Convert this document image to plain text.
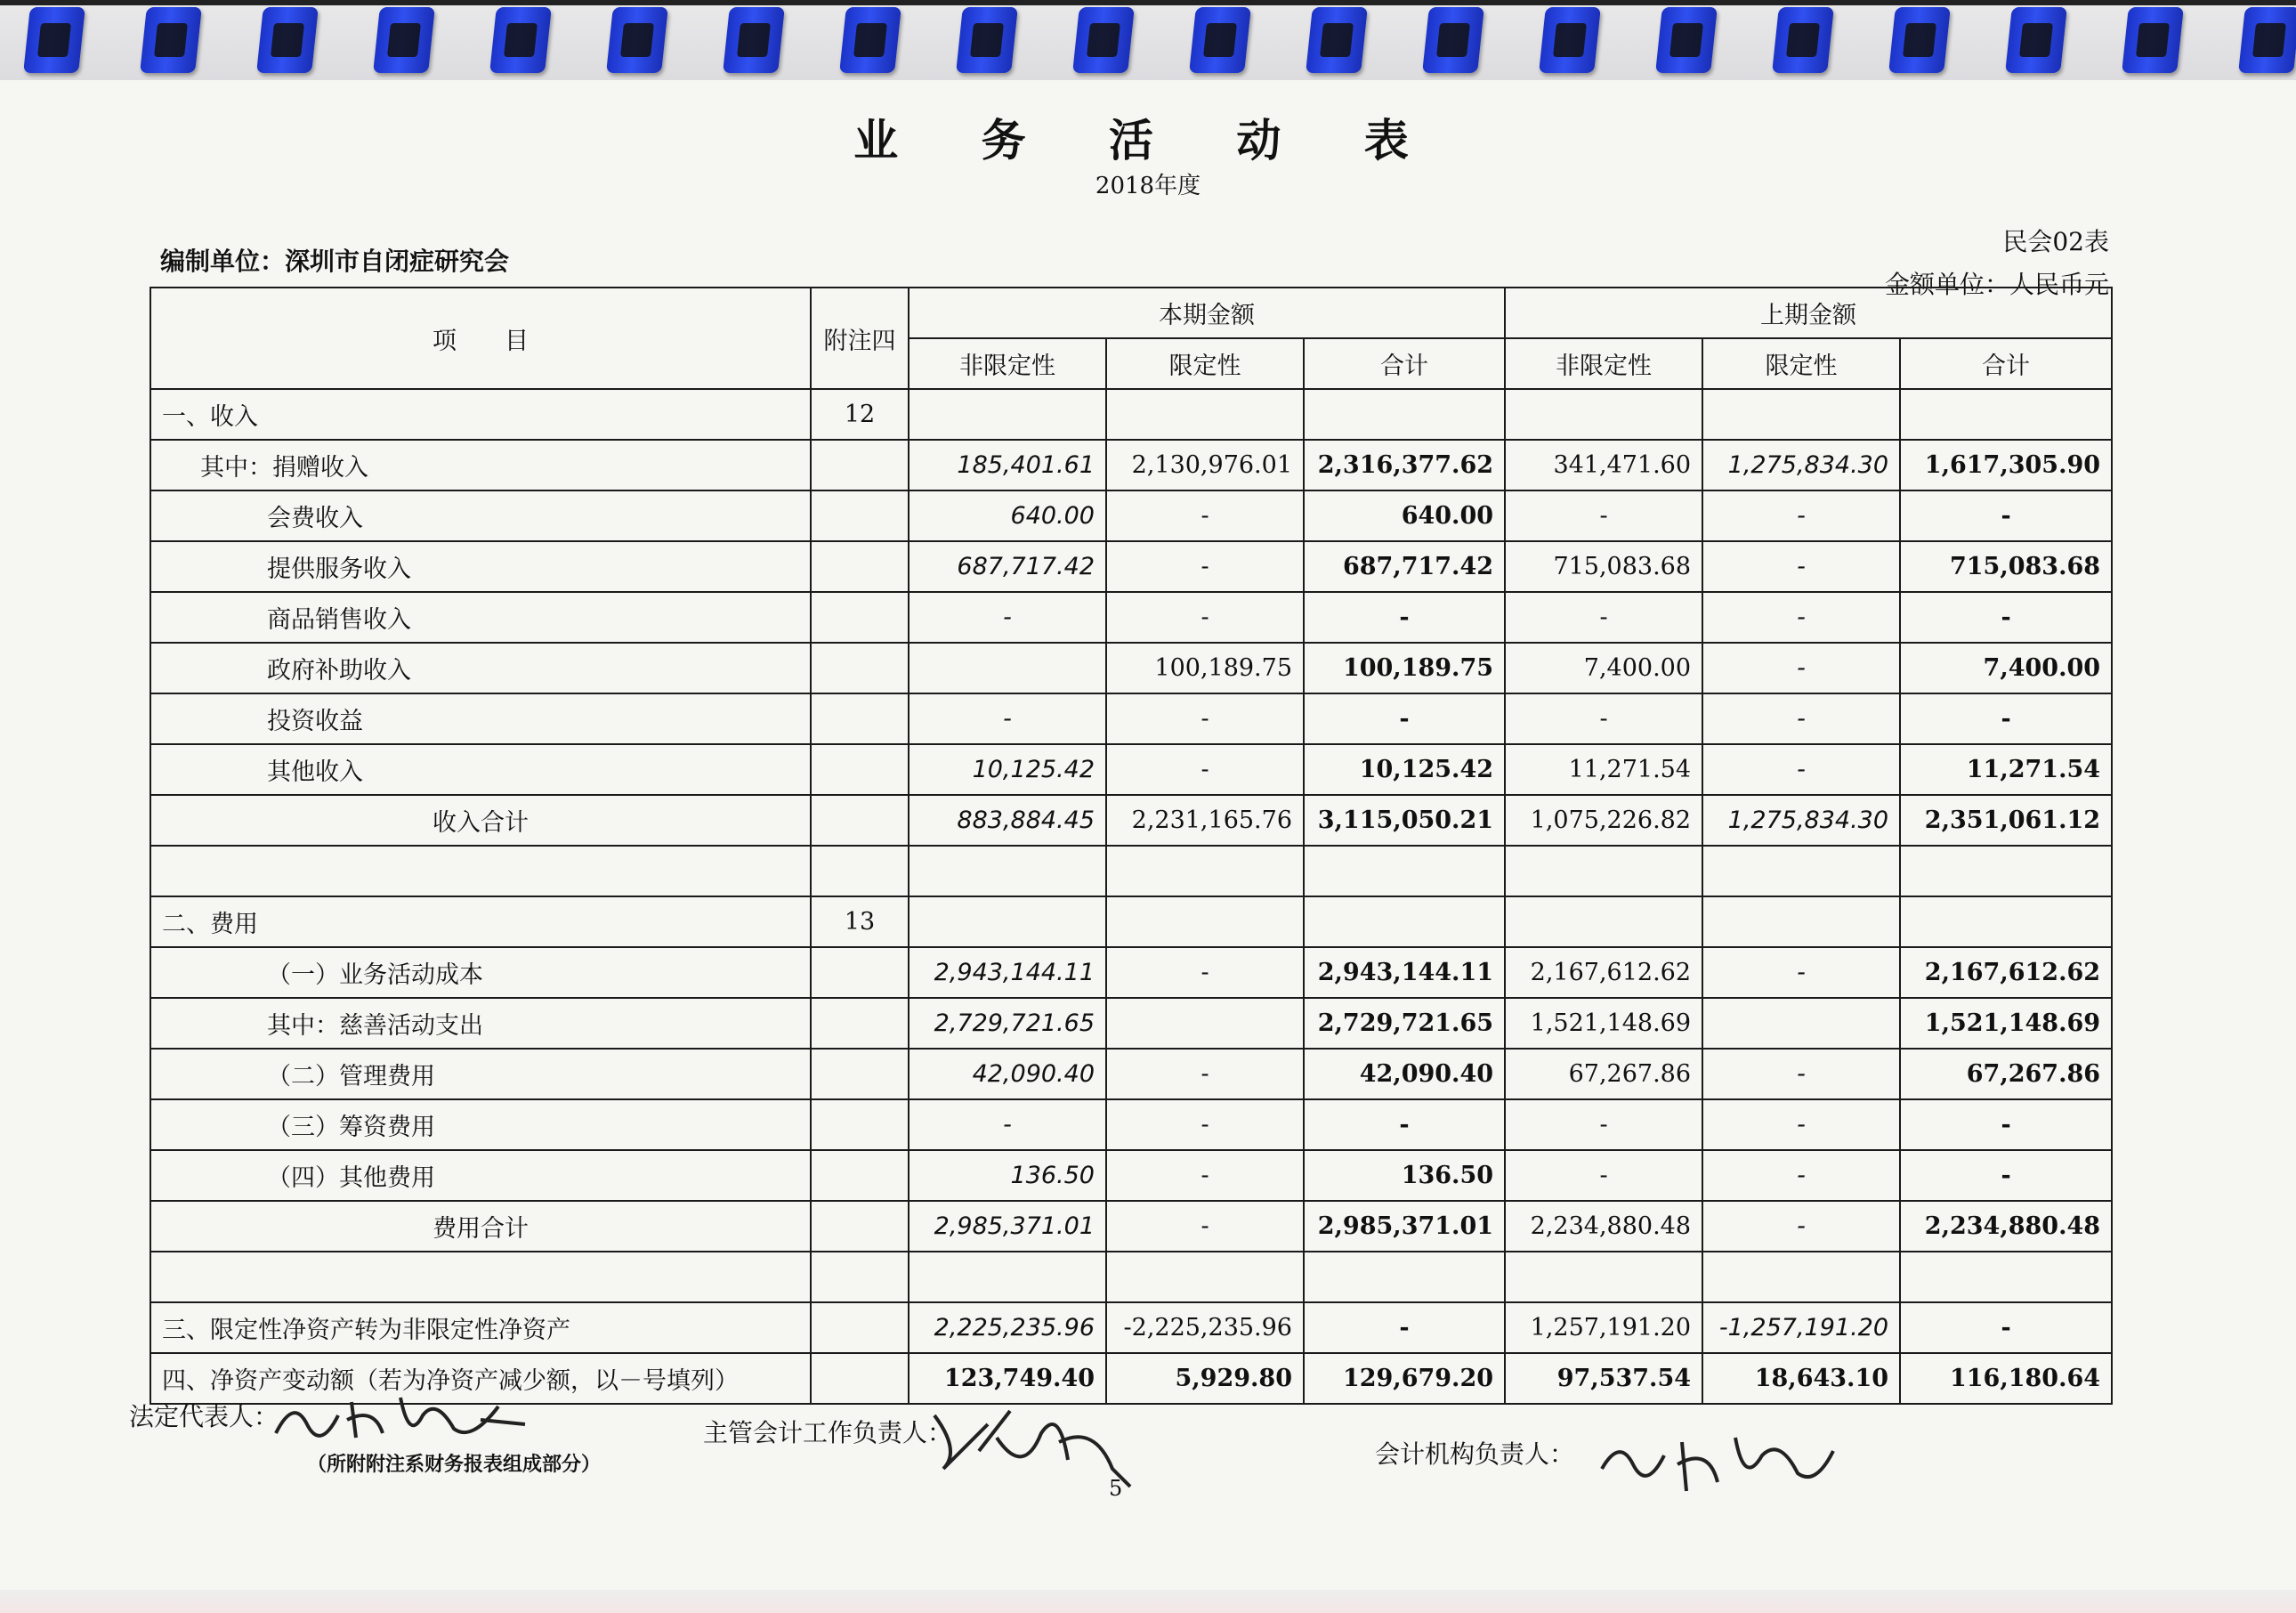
业 务 活 动 表
2018年度
编制单位：深圳市自闭症研究会
民会02表
金额单位：人民币元
项　　目	附注四	本期金额			上期金额		
		非限定性	限定性	合计	非限定性	限定性	合计
一、收入	12						
其中：捐赠收入		185,401.61	2,130,976.01	2,316,377.62	341,471.60	1,275,834.30	1,617,305.90
会费收入		640.00	-	640.00	-	-	-
提供服务收入		687,717.42	-	687,717.42	715,083.68	-	715,083.68
商品销售收入		-	-	-	-	-	-
政府补助收入			100,189.75	100,189.75	7,400.00	-	7,400.00
投资收益		-	-	-	-	-	-
其他收入		10,125.42	-	10,125.42	11,271.54	-	11,271.54
收入合计		883,884.45	2,231,165.76	3,115,050.21	1,075,226.82	1,275,834.30	2,351,061.12

二、费用	13						
（一）业务活动成本		2,943,144.11	-	2,943,144.11	2,167,612.62	-	2,167,612.62
其中：慈善活动支出		2,729,721.65		2,729,721.65	1,521,148.69		1,521,148.69
（二）管理费用		42,090.40	-	42,090.40	67,267.86	-	67,267.86
（三）筹资费用		-	-	-	-	-	-
（四）其他费用		136.50	-	136.50	-	-	-
费用合计		2,985,371.01	-	2,985,371.01	2,234,880.48	-	2,234,880.48

三、限定性净资产转为非限定性净资产		2,225,235.96	-2,225,235.96	-	1,257,191.20	-1,257,191.20	-
四、净资产变动额（若为净资产减少额，以－号填列）		123,749.40	5,929.80	129,679.20	97,537.54	18,643.10	116,180.64
法定代表人：
（所附附注系财务报表组成部分）
主管会计工作负责人：
5
会计机构负责人：
